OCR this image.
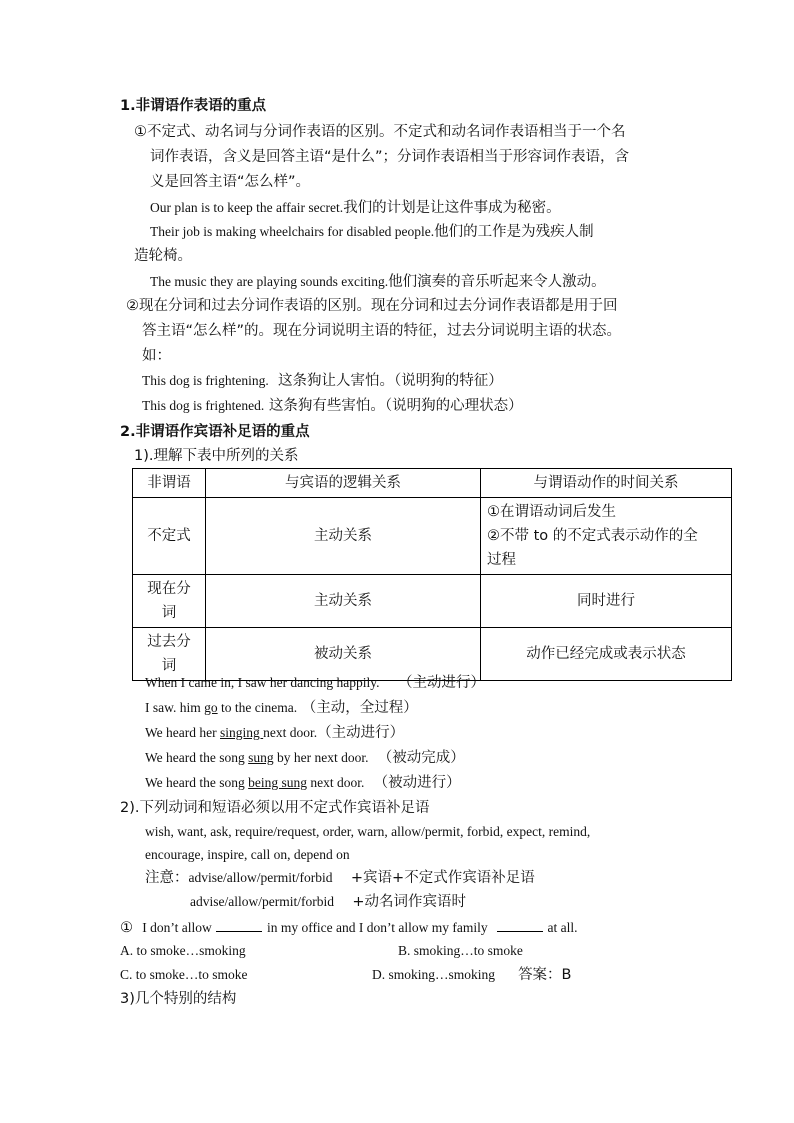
1.非谓语作表语的重点
①不定式、动名词与分词作表语的区别。不定式和动名词作表语相当于一个名
词作表语，含义是回答主语“是什么”；分词作表语相当于形容词作表语，含
义是回答主语“怎么样”。
Our plan is to keep the affair secret.我们的计划是让这件事成为秘密。
Their job is making wheelchairs for disabled people.他们的工作是为残疾人制
造轮椅。
The music they are playing sounds exciting.他们演奏的音乐听起来令人激动。
②现在分词和过去分词作表语的区别。现在分词和过去分词作表语都是用于回
答主语“怎么样”的。现在分词说明主语的特征，过去分词说明主语的状态。
如：
This dog is frightening. 这条狗让人害怕。（说明狗的特征）
This dog is frightened. 这条狗有些害怕。（说明狗的心理状态）
2.非谓语作宾语补足语的重点
1).理解下表中所列的关系
非谓语	与宾语的逻辑关系	与谓语动作的时间关系
不定式	主动关系	①在谓语动词后发生
②不带 to 的不定式表示动作的全
过程

现在分
词	主动关系	同时进行

过去分
词	被动关系	动作已经完成或表示状态
When I came in, I saw her dancing happily. （主动进行）
I saw. him go to the cinema. （主动，全过程）
We heard her singing next door.（主动进行）
We heard the song sung by her next door. （被动完成）
We heard the song being sung next door. （被动进行）
2).下列动词和短语必须以用不定式作宾语补足语
wish, want, ask, require/request, order, warn, allow/permit, forbid, expect, remind,
encourage, inspire, call on, depend on
注意：advise/allow/permit/forbid +宾语+不定式作宾语补足语
advise/allow/permit/forbid +动名词作宾语时
① I don’t allow	in my office and I don’t allow my family	at all.
A. to smoke…smoking	B. smoking…to smoke
C. to smoke…to smoke	D. smoking…smoking 答案：B
3)几个特别的结构
